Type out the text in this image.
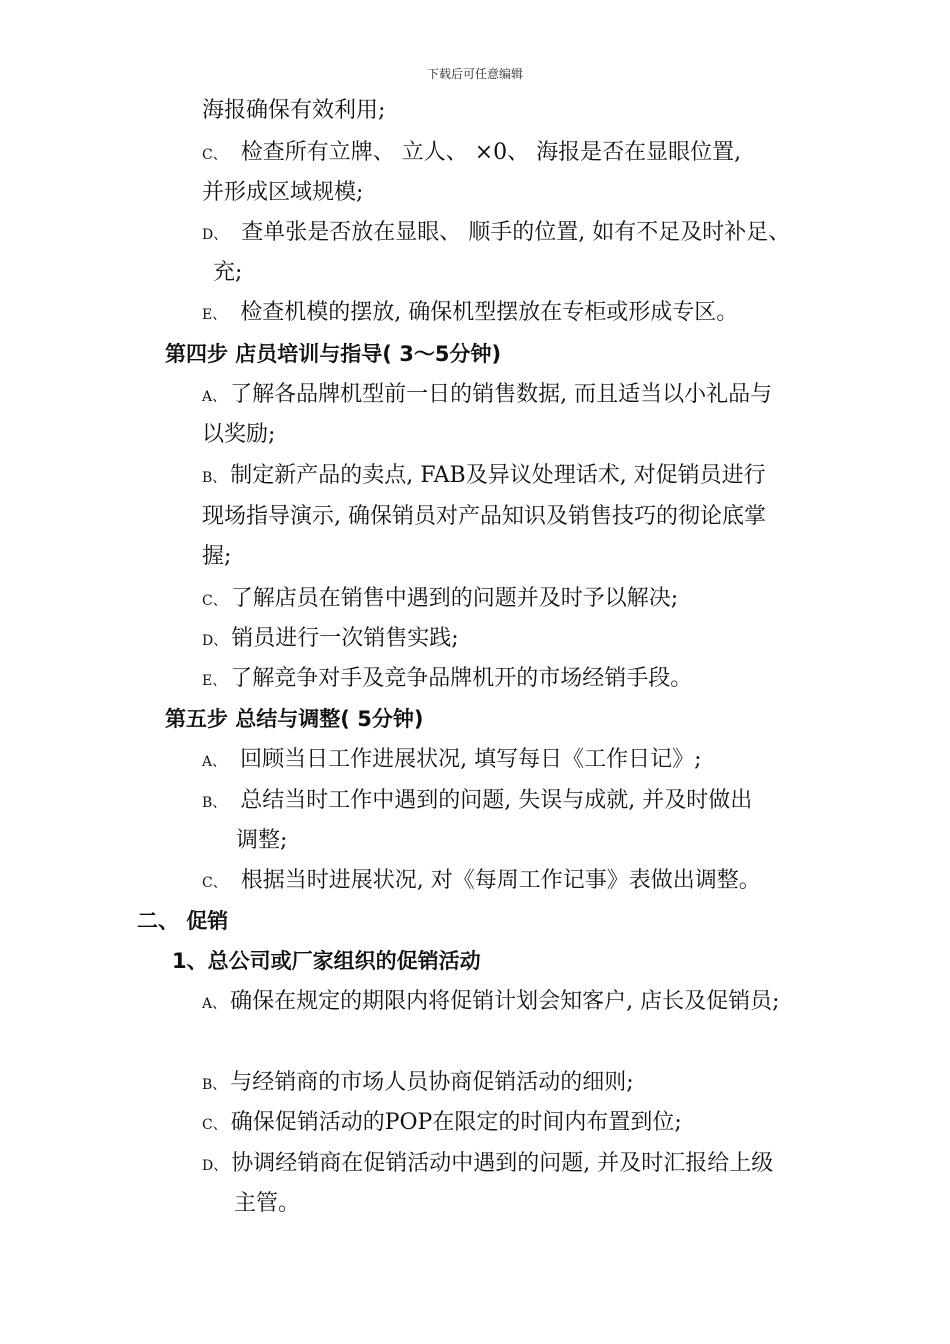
下载后可任意编辑
海报确保有效利用;
C、 检查所有立牌、 立人、 ×0、 海报是否在显眼位置,
并形成区域规模;
D、 查单张是否放在显眼、 顺手的位置, 如有不足及时补足、
充;
E、 检查机模的摆放, 确保机型摆放在专柜或形成专区。
第四步 店员培训与指导( 3～5分钟)
A、 了解各品牌机型前一日的销售数据, 而且适当以小礼品与
以奖励;
B、 制定新产品的卖点, FAB及异议处理话术, 对促销员进行
现场指导演示, 确保销员对产品知识及销售技巧的彻论底掌
握;
C、 了解店员在销售中遇到的问题并及时予以解决;
D、 销员进行一次销售实践;
E、 了解竞争对手及竞争品牌机开的市场经销手段。
第五步 总结与调整( 5分钟)
A、 回顾当日工作进展状况, 填写每日《工作日记》;
B、 总结当时工作中遇到的问题, 失误与成就, 并及时做出
调整;
C、 根据当时进展状况, 对《每周工作记事》表做出调整。
二、 促销
1、总公司或厂家组织的促销活动
A、 确保在规定的期限内将促销计划会知客户, 店长及促销员;
B、 与经销商的市场人员协商促销活动的细则;
C、 确保促销活动的POP在限定的时间内布置到位;
D、 协调经销商在促销活动中遇到的问题, 并及时汇报给上级
主管。
